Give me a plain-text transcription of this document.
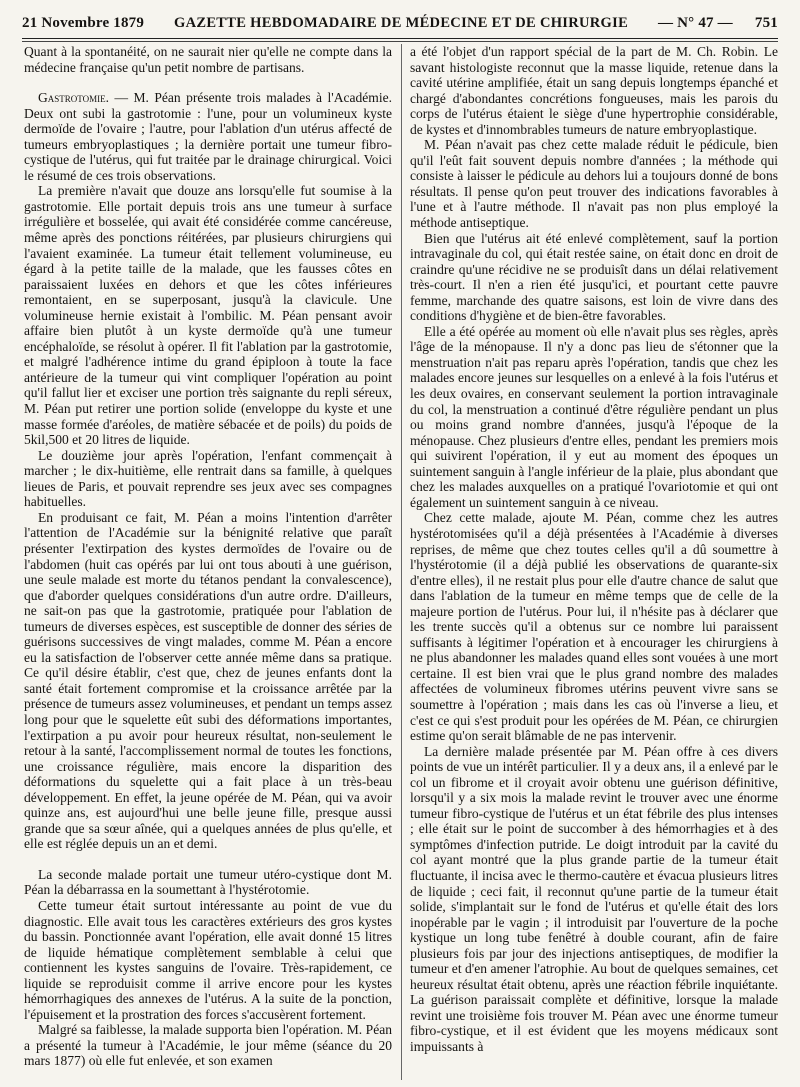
21 Novembre 1879 GAZETTE HEBDOMADAIRE DE MÉDECINE ET DE CHIRURGIE — N° 47 — 751

Quant à la spontanéité, on ne saurait nier qu'elle ne compte dans la médecine française qu'un petit nombre de partisans.

Gastrotomie. — M. Péan présente trois malades à l'Académie. Deux ont subi la gastrotomie : l'une, pour un volumineux kyste dermoïde de l'ovaire ; l'autre, pour l'ablation d'un utérus affecté de tumeurs embryoplastiques ; la dernière portait une tumeur fibro-cystique de l'utérus, qui fut traitée par le drainage chirurgical. Voici le résumé de ces trois observations.

La première n'avait que douze ans lorsqu'elle fut soumise à la gastrotomie. Elle portait depuis trois ans une tumeur à surface irrégulière et bosselée, qui avait été considérée comme cancéreuse, même après des ponctions réitérées, par plusieurs chirurgiens qui l'avaient examinée. La tumeur était tellement volumineuse, eu égard à la petite taille de la malade, que les fausses côtes en paraissaient luxées en dehors et que les côtes inférieures remontaient, en se superposant, jusqu'à la clavicule. Une volumineuse hernie existait à l'ombilic. M. Péan pensant avoir affaire bien plutôt à un kyste dermoïde qu'à une tumeur encéphaloïde, se résolut à opérer. Il fit l'ablation par la gastrotomie, et malgré l'adhérence intime du grand épiploon à toute la face antérieure de la tumeur qui vint compliquer l'opération au point qu'il fallut lier et exciser une portion très saignante du repli séreux, M. Péan put retirer une portion solide (enveloppe du kyste et une masse formée d'aréoles, de matière sébacée et de poils) du poids de 5kil,500 et 20 litres de liquide.

Le douzième jour après l'opération, l'enfant commençait à marcher ; le dix-huitième, elle rentrait dans sa famille, à quelques lieues de Paris, et pouvait reprendre ses jeux avec ses compagnes habituelles.

En produisant ce fait, M. Péan a moins l'intention d'arrêter l'attention de l'Académie sur la bénignité relative que paraît présenter l'extirpation des kystes dermoïdes de l'ovaire ou de l'abdomen (huit cas opérés par lui ont tous abouti à une guérison, une seule malade est morte du tétanos pendant la convalescence), que d'aborder quelques considérations d'un autre ordre. D'ailleurs, ne sait-on pas que la gastrotomie, pratiquée pour l'ablation de tumeurs de diverses espèces, est susceptible de donner des séries de guérisons successives de vingt malades, comme M. Péan a encore eu la satisfaction de l'observer cette année même dans sa pratique. Ce qu'il désire établir, c'est que, chez de jeunes enfants dont la santé était fortement compromise et la croissance arrêtée par la présence de tumeurs assez volumineuses, et pendant un temps assez long pour que le squelette eût subi des déformations importantes, l'extirpation a pu avoir pour heureux résultat, non-seulement le retour à la santé, l'accomplissement normal de toutes les fonctions, une croissance régulière, mais encore la disparition des déformations du squelette qui a fait place à un très-beau développement. En effet, la jeune opérée de M. Péan, qui va avoir quinze ans, est aujourd'hui une belle jeune fille, presque aussi grande que sa sœur aînée, qui a quelques années de plus qu'elle, et elle est réglée depuis un an et demi.

La seconde malade portait une tumeur utéro-cystique dont M. Péan la débarrassa en la soumettant à l'hystérotomie.

Cette tumeur était surtout intéressante au point de vue du diagnostic. Elle avait tous les caractères extérieurs des gros kystes du bassin. Ponctionnée avant l'opération, elle avait donné 15 litres de liquide hématique complètement semblable à celui que contiennent les kystes sanguins de l'ovaire. Très-rapidement, ce liquide se reproduisit comme il arrive encore pour les kystes hémorrhagiques des annexes de l'utérus. A la suite de la ponction, l'épuisement et la prostration des forces s'accusèrent fortement.

Malgré sa faiblesse, la malade supporta bien l'opération. M. Péan a présenté la tumeur à l'Académie, le jour même (séance du 20 mars 1877) où elle fut enlevée, et son examen

a été l'objet d'un rapport spécial de la part de M. Ch. Robin. Le savant histologiste reconnut que la masse liquide, retenue dans la cavité utérine amplifiée, était un sang depuis longtemps épanché et chargé d'abondantes concrétions fongueuses, mais les parois du corps de l'utérus étaient le siège d'une hypertrophie considérable, de kystes et d'innombrables tumeurs de nature embryoplastique.

M. Péan n'avait pas chez cette malade réduit le pédicule, bien qu'il l'eût fait souvent depuis nombre d'années ; la méthode qui consiste à laisser le pédicule au dehors lui a toujours donné de bons résultats. Il pense qu'on peut trouver des indications favorables à l'une et à l'autre méthode. Il n'avait pas non plus employé la méthode antiseptique.

Bien que l'utérus ait été enlevé complètement, sauf la portion intravaginale du col, qui était restée saine, on était donc en droit de craindre qu'une récidive ne se produisît dans un délai relativement très-court. Il n'en a rien été jusqu'ici, et pourtant cette pauvre femme, marchande des quatre saisons, est loin de vivre dans des conditions d'hygiène et de bien-être favorables.

Elle a été opérée au moment où elle n'avait plus ses règles, après l'âge de la ménopause. Il n'y a donc pas lieu de s'étonner que la menstruation n'ait pas reparu après l'opération, tandis que chez les malades encore jeunes sur lesquelles on a enlevé à la fois l'utérus et les deux ovaires, en conservant seulement la portion intravaginale du col, la menstruation a continué d'être régulière pendant un plus ou moins grand nombre d'années, jusqu'à l'époque de la ménopause. Chez plusieurs d'entre elles, pendant les premiers mois qui suivirent l'opération, il y eut au moment des époques un suintement sanguin à l'angle inférieur de la plaie, plus abondant que chez les malades auxquelles on a pratiqué l'ovariotomie et qui ont également un suintement sanguin à ce niveau.

Chez cette malade, ajoute M. Péan, comme chez les autres hystérotomisées qu'il a déjà présentées à l'Académie à diverses reprises, de même que chez toutes celles qu'il a dû soumettre à l'hystérotomie (il a déjà publié les observations de quarante-six d'entre elles), il ne restait plus pour elle d'autre chance de salut que dans l'ablation de la tumeur en même temps que de celle de la majeure portion de l'utérus. Pour lui, il n'hésite pas à déclarer que les trente succès qu'il a obtenus sur ce nombre lui paraissent suffisants à légitimer l'opération et à encourager les chirurgiens à ne plus abandonner les malades quand elles sont vouées à une mort certaine. Il est bien vrai que le plus grand nombre des malades affectées de volumineux fibromes utérins peuvent vivre sans se soumettre à l'opération ; mais dans les cas où l'inverse a lieu, et c'est ce qui s'est produit pour les opérées de M. Péan, ce chirurgien estime qu'on serait blâmable de ne pas intervenir.

La dernière malade présentée par M. Péan offre à ces divers points de vue un intérêt particulier. Il y a deux ans, il a enlevé par le col un fibrome et il croyait avoir obtenu une guérison définitive, lorsqu'il y a six mois la malade revint le trouver avec une énorme tumeur fibro-cystique de l'utérus et un état fébrile des plus intenses ; elle était sur le point de succomber à des hémorrhagies et à des symptômes d'infection putride. Le doigt introduit par la cavité du col ayant montré que la plus grande partie de la tumeur était fluctuante, il incisa avec le thermo-cautère et évacua plusieurs litres de liquide ; ceci fait, il reconnut qu'une partie de la tumeur était solide, s'implantait sur le fond de l'utérus et qu'elle était des lors inopérable par le vagin ; il introduisit par l'ouverture de la poche kystique un long tube fenêtré à double courant, afin de faire plusieurs fois par jour des injections antiseptiques, de modifier la tumeur et d'en amener l'atrophie. Au bout de quelques semaines, cet heureux résultat était obtenu, après une réaction fébrile inquiétante. La guérison paraissait complète et définitive, lorsque la malade revint une troisième fois trouver M. Péan avec une énorme tumeur fibro-cystique, et il est évident que les moyens médicaux sont impuissants à
